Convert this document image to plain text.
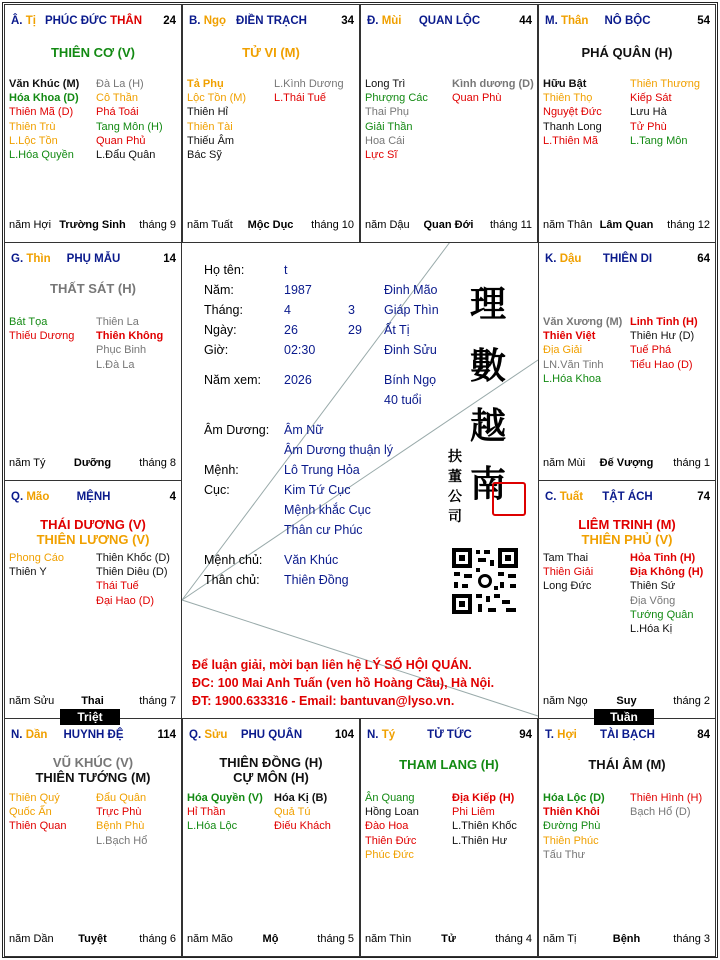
Â. Tị PHÚC ĐỨC THÂN	24
THIÊN CƠ (V)
Văn Khúc (M)
Hóa Khoa (D)
Thiên Mã (D)
Thiên Trù
L.Lộc Tồn
L.Hóa Quyền
Đà La (H)
Cô Thần
Phá Toái
Tang Môn (H)
Quan Phủ
L.Đẩu Quân
năm Hợi Trường Sinh	tháng 9
B. Ngọ ĐIỀN TRẠCH	34
TỬ VI (M)
Tả Phụ
Lộc Tồn (M)
Thiên Hỉ
Thiên Tài
Thiếu Âm
Bác Sỹ
L.Kình Dương
L.Thái Tuế
năm Tuất	Mộc Dục	tháng 10
Đ. Mùi	QUAN LỘC	44
Long Trì
Phượng Các
Thai Phụ
Giải Thần
Hoa Cái
Lực Sĩ
Kình dương (D)
Quan Phù
năm Dậu	Quan Đới	tháng 11
M. Thân	NÔ BỘC	54
PHÁ QUÂN (H)
Hữu Bật
Thiên Thọ
Nguyệt Đức
Thanh Long
L.Thiên Mã
Thiên Thương
Kiếp Sát
Lưu Hà
Tử Phù
L.Tang Môn
năm Thân Lâm Quan	tháng 12
G. Thìn	PHỤ MẪU	14
THẤT SÁT (H)
Bát Tọa
Thiếu Dương
Thiên La
Thiên Không
Phục Binh
L.Đà La
năm Tý	Dưỡng	tháng 8
K. Dậu	THIÊN DI	64
Văn Xương (M)
Thiên Việt
Địa Giải
LN.Văn Tinh
L.Hóa Khoa
Linh Tinh (H)
Thiên Hư (D)
Tuế Phá
Tiểu Hao (D)
năm Mùi	Đế Vượng	tháng 1
Q. Mão	MỆNH	4
THÁI DƯƠNG (V)
THIÊN LƯƠNG (V)
Phong Cáo
Thiên Y
Thiên Khốc (D)
Thiên Diêu (D)
Thái Tuế
Đại Hao (D)
năm Sửu	Thai	tháng 7
C. Tuất	TẬT ÁCH	74
LIÊM TRINH (M)
THIÊN PHỦ (V)
Tam Thai
Thiên Giải
Long Đức
Hỏa Tinh (H)
Địa Không (H)
Thiên Sứ
Địa Võng
Tướng Quân
L.Hóa Kị
năm Ngọ	Suy	tháng 2
N. Dần	HUYNH ĐỆ	114
VŨ KHÚC (V)
THIÊN TƯỚNG (M)
Thiên Quý
Quốc Ấn
Thiên Quan
Đẩu Quân
Trực Phù
Bệnh Phù
L.Bạch Hổ
năm Dần	Tuyệt	tháng 6
Q. Sửu	PHU QUÂN	104
THIÊN ĐỒNG (H)
CỰ MÔN (H)
Hóa Quyền (V)
Hỉ Thần
L.Hóa Lộc
Hóa Kị (B)
Quả Tú
Điếu Khách
năm Mão	Mộ	tháng 5
N. Tý	TỬ TỨC	94
THAM LANG (H)
Ân Quang
Hồng Loan
Đào Hoa
Thiên Đức
Phúc Đức
Địa Kiếp (H)
Phi Liêm
L.Thiên Khốc
L.Thiên Hư
năm Thìn	Tử	tháng 4
T. Hợi	TÀI BẠCH	84
THÁI ÂM (M)
Hóa Lộc (D)
Thiên Khôi
Đường Phù
Thiên Phúc
Tấu Thư
Thiên Hình (H)
Bạch Hổ (D)
năm Tị	Bệnh	tháng 3
Họ tên:	t
Năm:	1987	Đinh Mão
Tháng:	4	3 Giáp Thìn
Ngày:	26	29 Ất Tị
Giờ:	02:30	Đinh Sửu
Năm xem: 2026	Bính Ngọ
40 tuổi
Âm Dương: Âm Nữ
Âm Dương thuận lý
Mệnh:	Lô Trung Hỏa
Cục:	Kim Tứ Cục
Mệnh khắc Cục
Thân cư Phúc
Mệnh chủ: Văn Khúc
Thân chủ: Thiên Đồng
理
數
越
南
扶
董
公
司
Để luận giải, mời bạn liên hệ LÝ SỐ HỘI QUÁN.
ĐC: 100 Mai Anh Tuấn (ven hồ Hoàng Cầu), Hà Nội.
ĐT: 1900.633316 - Email: bantuvan@lyso.vn.
Triệt	Tuần
